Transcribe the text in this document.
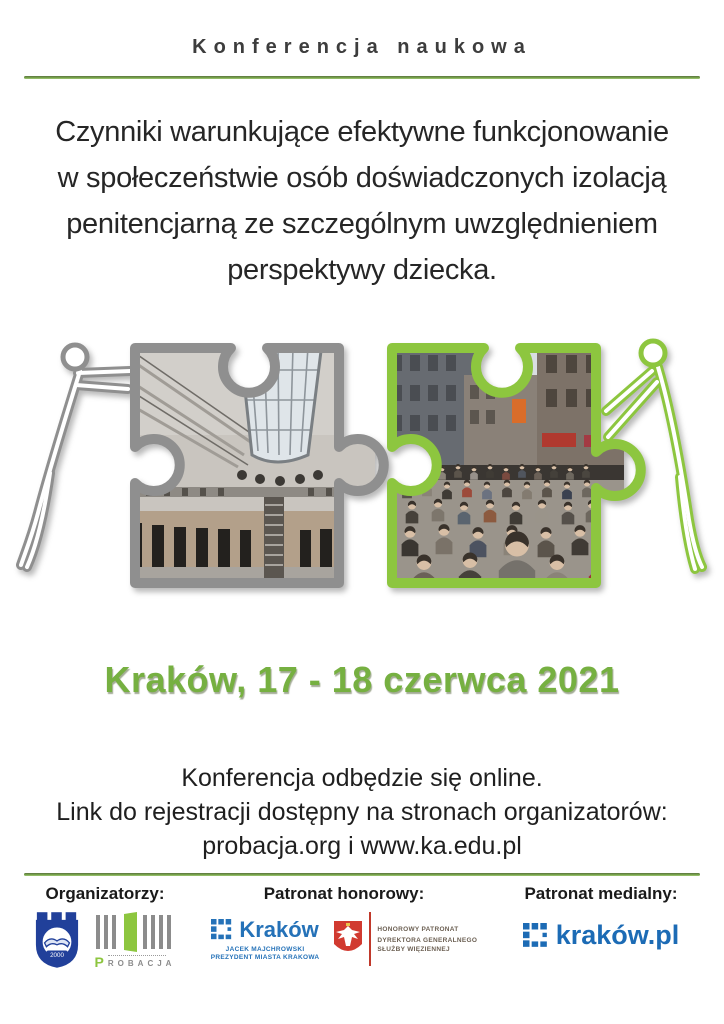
Konferencja naukowa
Czynniki warunkujące efektywne funkcjonowanie
w społeczeństwie osób doświadczonych izolacją
penitencjarną ze szczególnym uwzględnieniem
perspektywy dziecka.
Kraków, 17 - 18 czerwca 2021
Konferencja odbędzie się online.
Link do rejestracji dostępny na stronach organizatorów:
probacja.org i www.ka.edu.pl
Organizatorzy:
2000 P ROBACJA
Patronat honorowy:
Kraków
JACEK MAJCHROWSKI
PREZYDENT MIASTA KRAKOWA
HONOROWY PATRONAT
DYREKTORA GENERALNEGO
SŁUŻBY WIĘZIENNEJ
Patronat medialny:
kraków.pl
